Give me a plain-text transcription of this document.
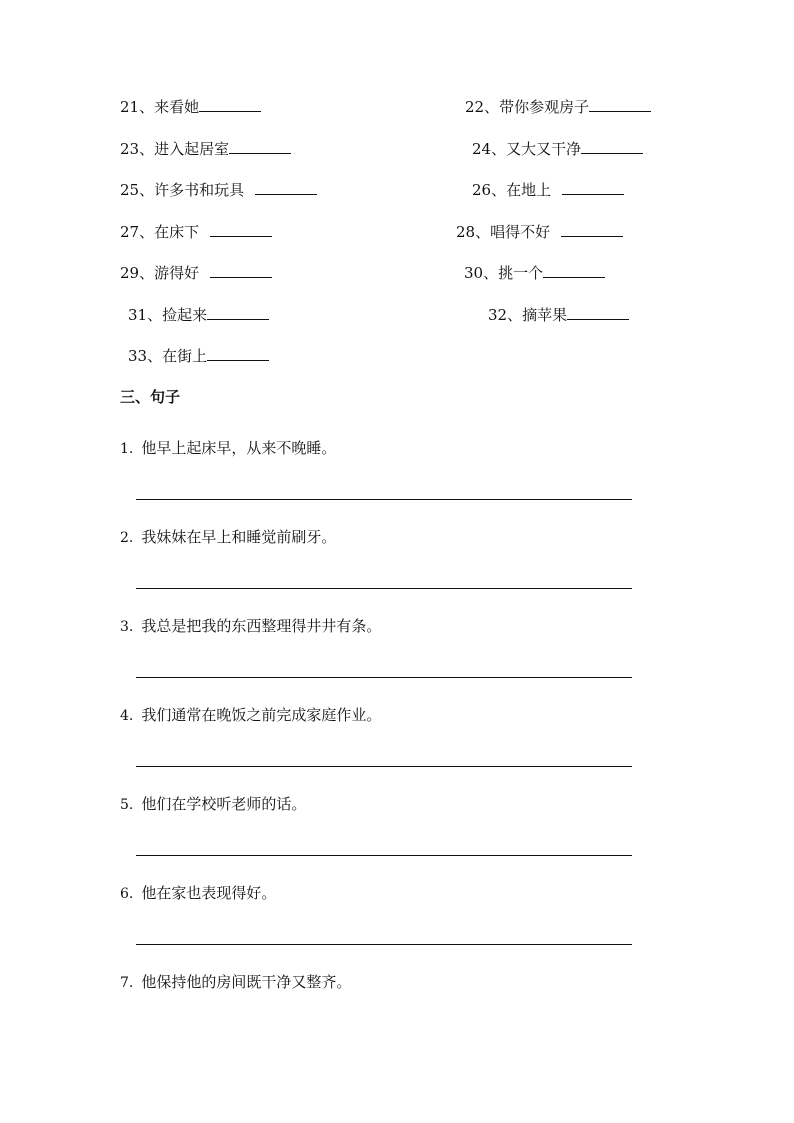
21、来看她	22、带你参观房子
23、进入起居室	24、又大又干净
25、许多书和玩具	26、在地上
27、在床下	28、唱得不好
29、游得好	30、挑一个
31、捡起来	32、摘苹果
33、在街上
三、句子
1. 他早上起床早，从来不晚睡。
2. 我妹妹在早上和睡觉前刷牙。
3. 我总是把我的东西整理得井井有条。
4. 我们通常在晚饭之前完成家庭作业。
5. 他们在学校听老师的话。
6. 他在家也表现得好。
7. 他保持他的房间既干净又整齐。
